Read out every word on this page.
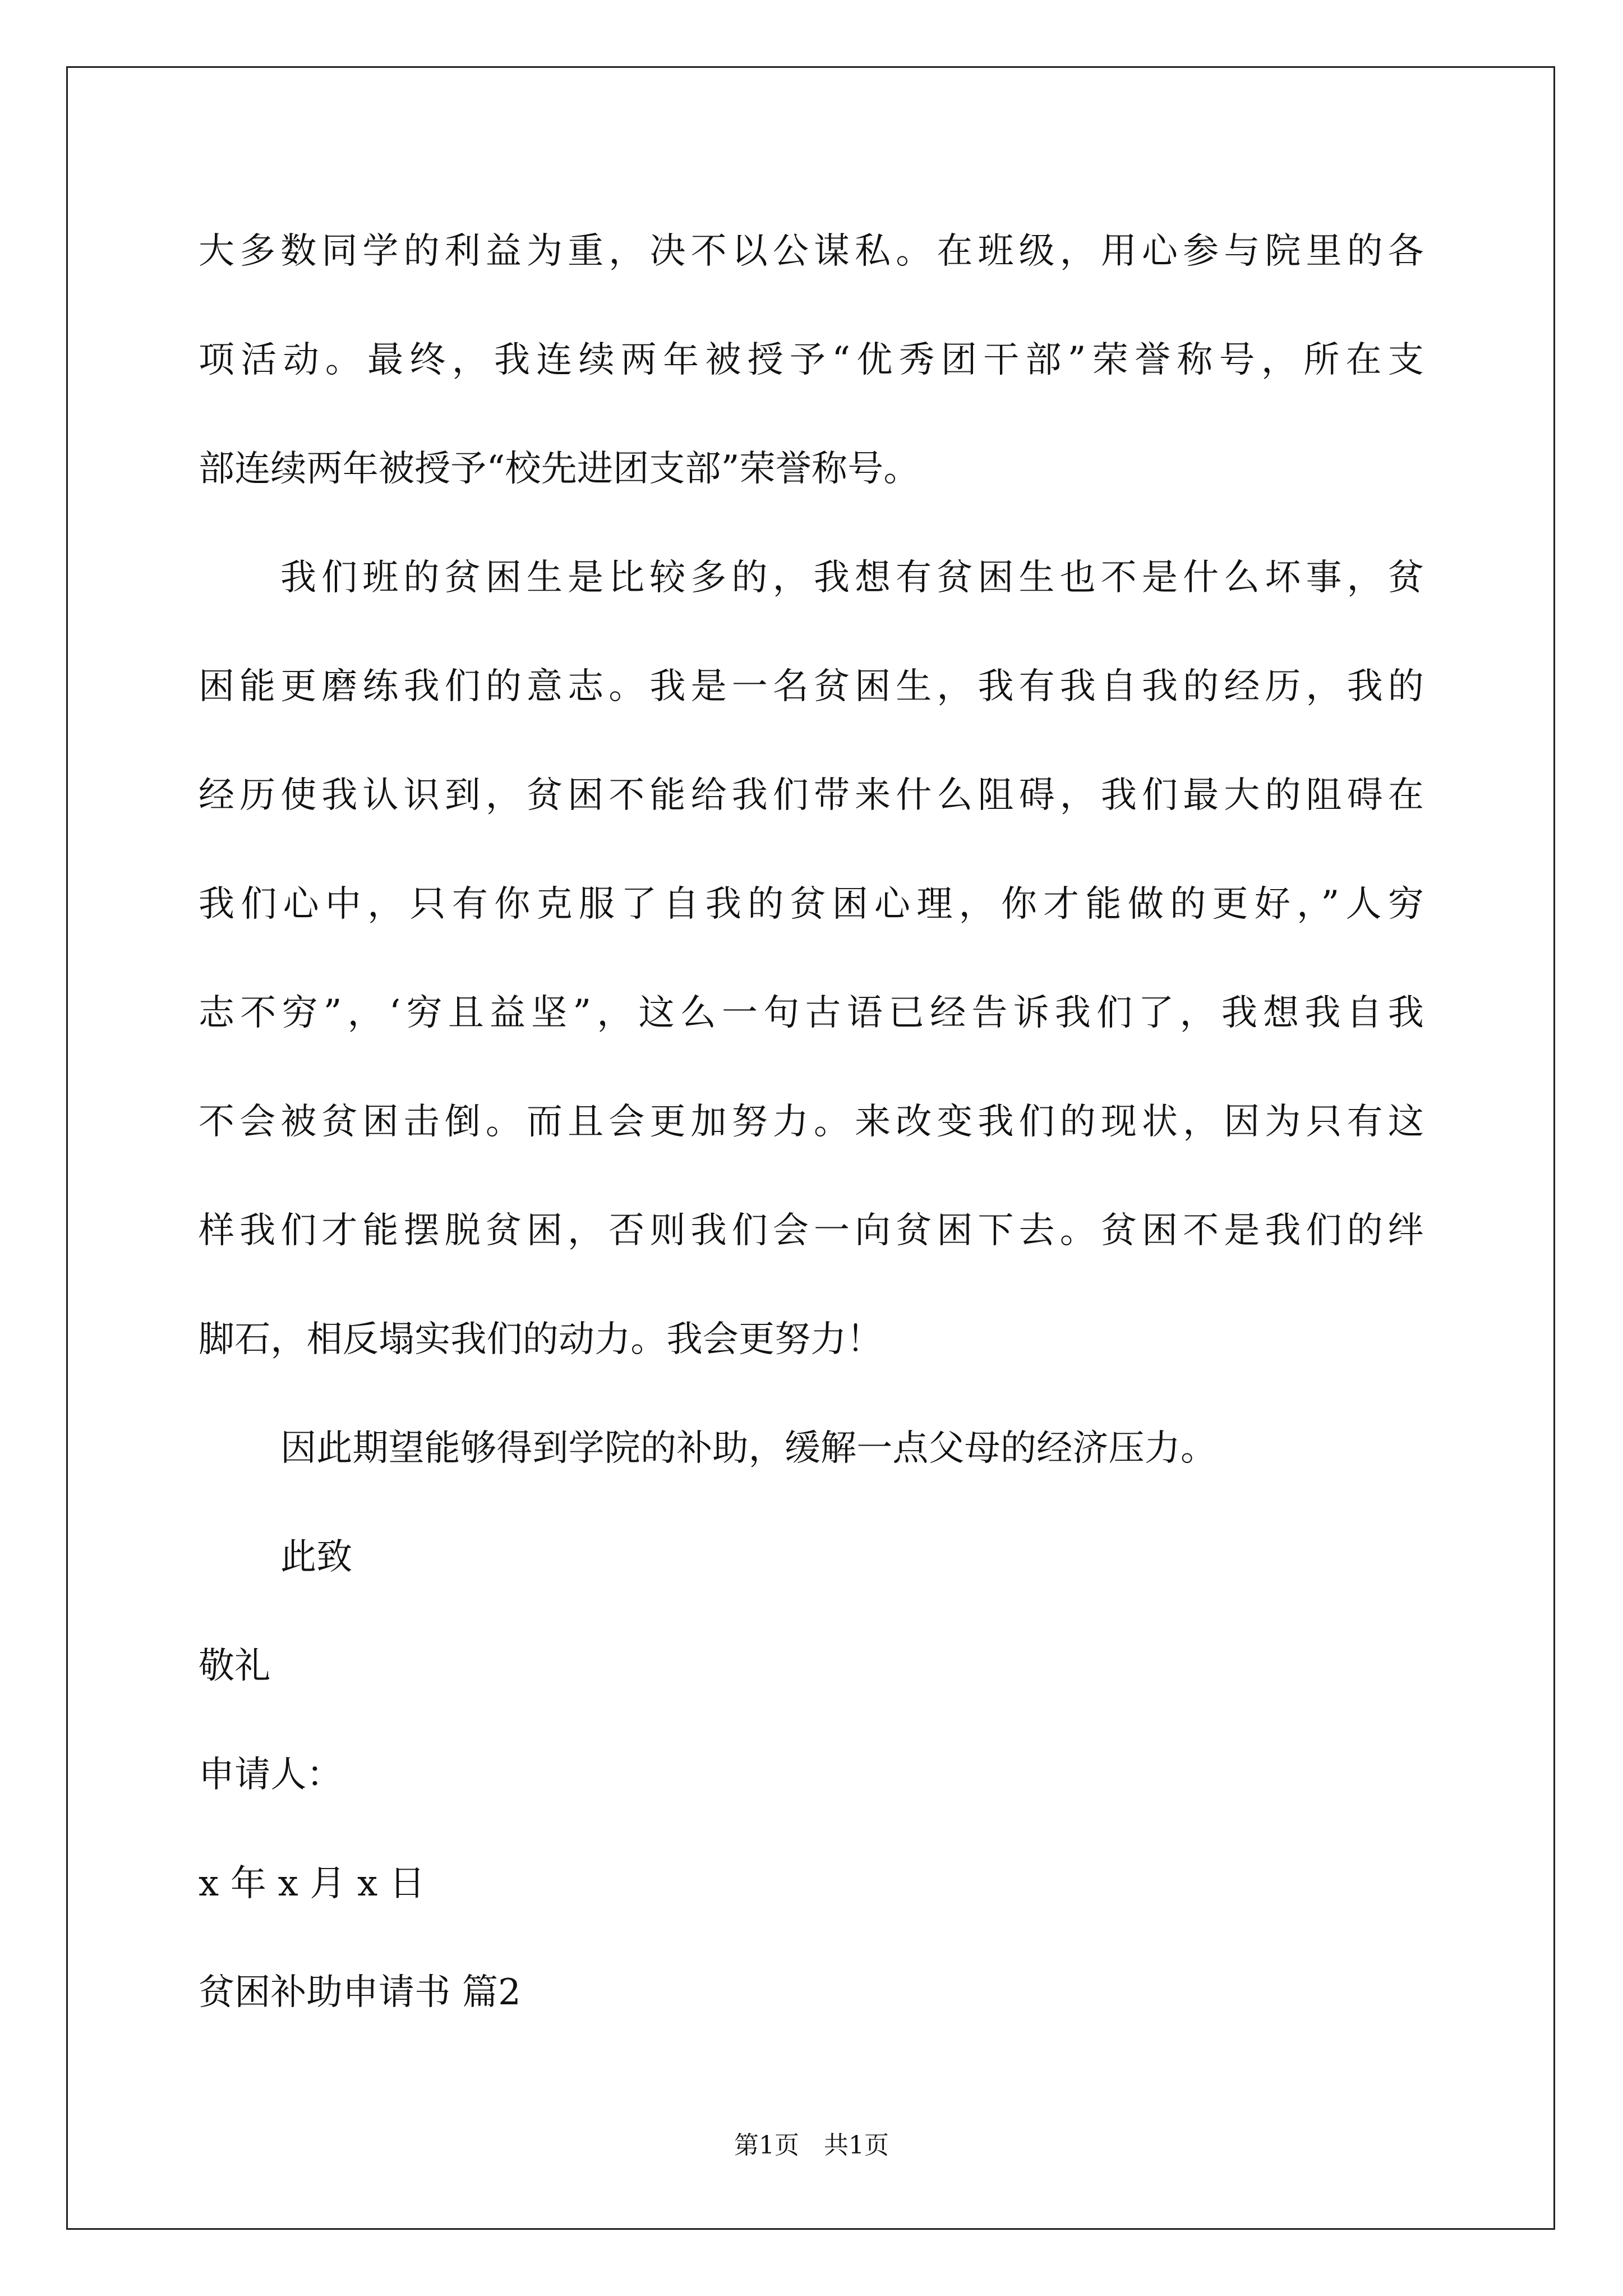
大多数同学的利益为重，决不以公谋私。在班级，用心参与院里的各
项活动。最终，我连续两年被授予“优秀团干部”荣誉称号，所在支
部连续两年被授予“校先进团支部”荣誉称号。
我们班的贫困生是比较多的，我想有贫困生也不是什么坏事，贫
困能更磨练我们的意志。我是一名贫困生，我有我自我的经历，我的
经历使我认识到，贫困不能给我们带来什么阻碍，我们最大的阻碍在
我们心中，只有你克服了自我的贫困心理，你才能做的更好，”人穷
志不穷”，‘穷且益坚”，这么一句古语已经告诉我们了，我想我自我
不会被贫困击倒。而且会更加努力。来改变我们的现状，因为只有这
样我们才能摆脱贫困，否则我们会一向贫困下去。贫困不是我们的绊
脚石，相反塌实我们的动力。我会更努力！
因此期望能够得到学院的补助，缓解一点父母的经济压力。
此致
敬礼
申请人：
x 年 x 月 x 日
贫困补助申请书 篇2
第1页　共1页
